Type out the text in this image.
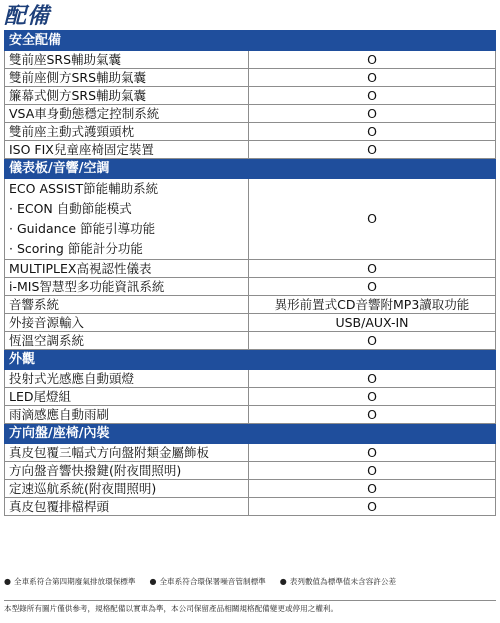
配備
安全配備	
雙前座SRS輔助氣囊	O
雙前座側方SRS輔助氣囊	O
簾幕式側方SRS輔助氣囊	O
VSA車身動態穩定控制系統	O
雙前座主動式護頸頭枕	O
ISO FIX兒童座椅固定裝置	O
儀表板/音響/空調	

ECO ASSIST節能輔助系統
· ECON 自動節能模式
· Guidance 節能引導功能
· Scoring 節能計分功能	O
MULTIPLEX高視認性儀表	O
i-MIS智慧型多功能資訊系統	O
音響系統	異形前置式CD音響附MP3讀取功能
外接音源輸入	USB/AUX-IN
恆溫空調系統	O
外觀	
投射式光感應自動頭燈	O
LED尾燈組	O
雨滴感應自動雨刷	O
方向盤/座椅/內裝	
真皮包覆三幅式方向盤附類金屬飾板	O
方向盤音響快撥鍵(附夜間照明)	O
定速巡航系統(附夜間照明)	O
真皮包覆排檔桿頭	O
● 全車系符合第四期廢氣排放環保標準 ● 全車系符合環保署噪音管制標準 ● 表列數值為標準值未含容許公差
本型錄所有圖片僅供參考，規格配備以實車為準，本公司保留產品相關規格配備變更或停用之權利。
